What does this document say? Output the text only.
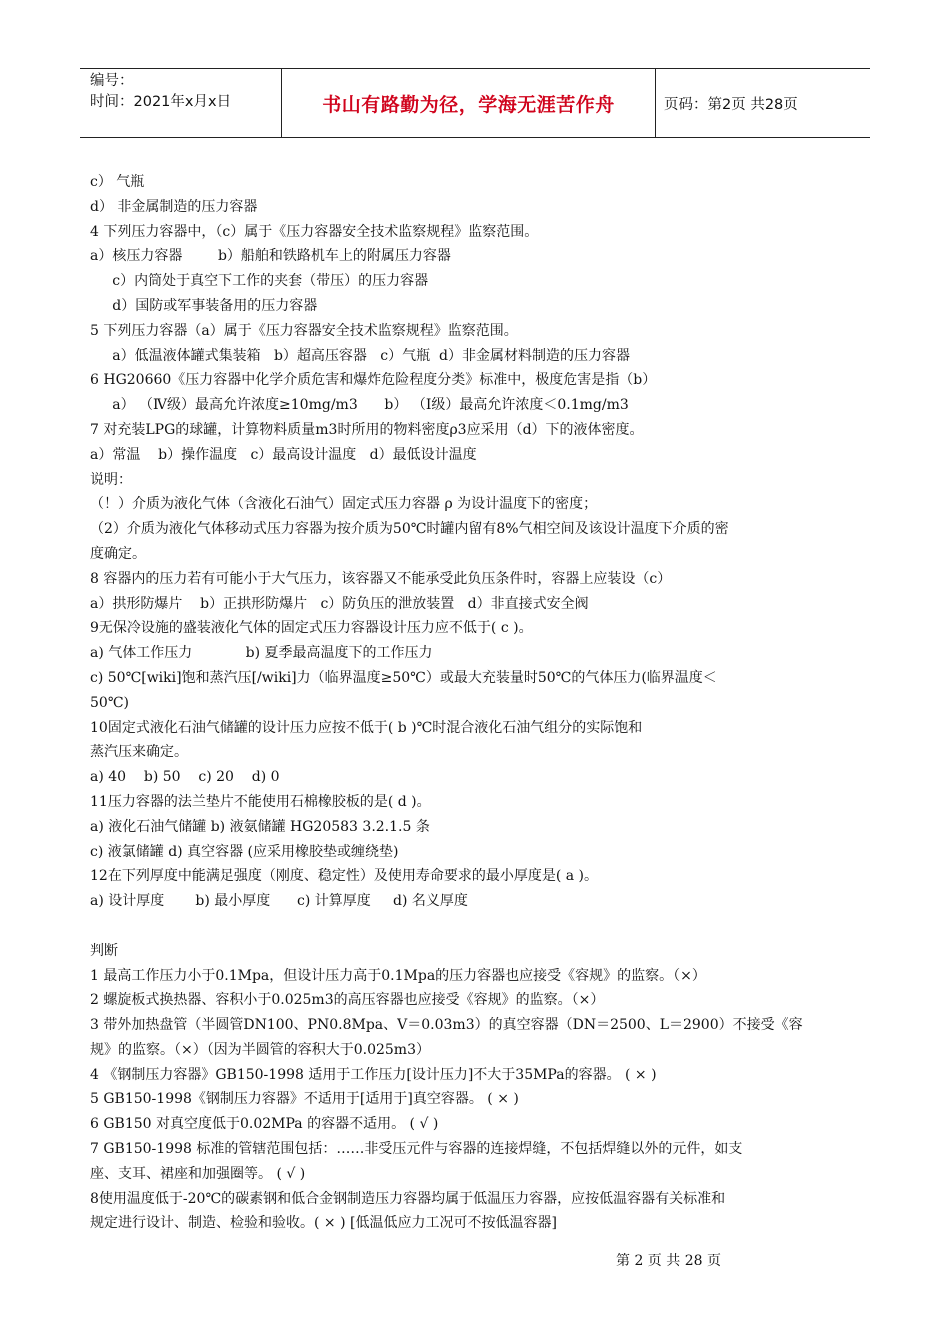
编号：
时间：2021年x月x日	书山有路勤为径，学海无涯苦作舟	页码：第2页 共28页
c） 气瓶
d） 非金属制造的压力容器
4 下列压力容器中，（c）属于《压力容器安全技术监察规程》监察范围。
a）核压力容器        b）船舶和铁路机车上的附属压力容器
c）内筒处于真空下工作的夹套（带压）的压力容器
d）国防或军事装备用的压力容器
5 下列压力容器（a）属于《压力容器安全技术监察规程》监察范围。
a）低温液体罐式集装箱   b）超高压容器   c）气瓶  d）非金属材料制造的压力容器
6 HG20660《压力容器中化学介质危害和爆炸危险程度分类》标准中，极度危害是指（b）
a） （Ⅳ级）最高允许浓度≥10mg/m3      b） （Ⅰ级）最高允许浓度＜0.1mg/m3
7 对充装LPG的球罐，计算物料质量m3时所用的物料密度ρ3应采用（d）下的液体密度。
a）常温    b）操作温度   c）最高设计温度   d）最低设计温度
说明：
（！）介质为液化气体（含液化石油气）固定式压力容器 ρ 为设计温度下的密度；
（2）介质为液化气体移动式压力容器为按介质为50℃时罐内留有8%气相空间及该设计温度下介质的密
度确定。
8 容器内的压力若有可能小于大气压力，该容器又不能承受此负压条件时，容器上应装设（c）
a）拱形防爆片    b）正拱形防爆片   c）防负压的泄放装置   d）非直接式安全阀
9无保冷设施的盛装液化气体的固定式压力容器设计压力应不低于( c )。
a) 气体工作压力            b) 夏季最高温度下的工作压力
c) 50℃[wiki]饱和蒸汽压[/wiki]力（临界温度≥50℃）或最大充装量时50℃的气体压力(临界温度＜
50℃)
10固定式液化石油气储罐的设计压力应按不低于( b )℃时混合液化石油气组分的实际饱和
蒸汽压来确定。
a) 40    b) 50    c) 20    d) 0
11压力容器的法兰垫片不能使用石棉橡胶板的是( d )。
a) 液化石油气储罐 b) 液氨储罐 HG20583 3.2.1.5 条
c) 液氯储罐 d) 真空容器 (应采用橡胶垫或缠绕垫)
12在下列厚度中能满足强度（刚度、稳定性）及使用寿命要求的最小厚度是( a )。
a) 设计厚度       b) 最小厚度      c) 计算厚度     d) 名义厚度
判断
1 最高工作压力小于0.1Mpa，但设计压力高于0.1Mpa的压力容器也应接受《容规》的监察。（×）
2 螺旋板式换热器、容积小于0.025m3的高压容器也应接受《容规》的监察。（×）
3 带外加热盘管（半圆管DN100、PN0.8Mpa、V＝0.03m3）的真空容器（DN＝2500、L＝2900）不接受《容
规》的监察。（×）（因为半圆管的容积大于0.025m3）
4 《钢制压力容器》GB150-1998 适用于工作压力[设计压力]不大于35MPa的容器。 ( × )
5 GB150-1998《钢制压力容器》不适用于[适用于]真空容器。 ( × )
6 GB150 对真空度低于0.02MPa 的容器不适用。 ( √ )
7 GB150-1998 标准的管辖范围包括：……非受压元件与容器的连接焊缝，不包括焊缝以外的元件，如支
座、支耳、裙座和加强圈等。 ( √ )
8使用温度低于-20℃的碳素钢和低合金钢制造压力容器均属于低温压力容器，应按低温容器有关标准和
规定进行设计、制造、检验和验收。( × ) [低温低应力工况可不按低温容器]
第 2 页 共 28 页
